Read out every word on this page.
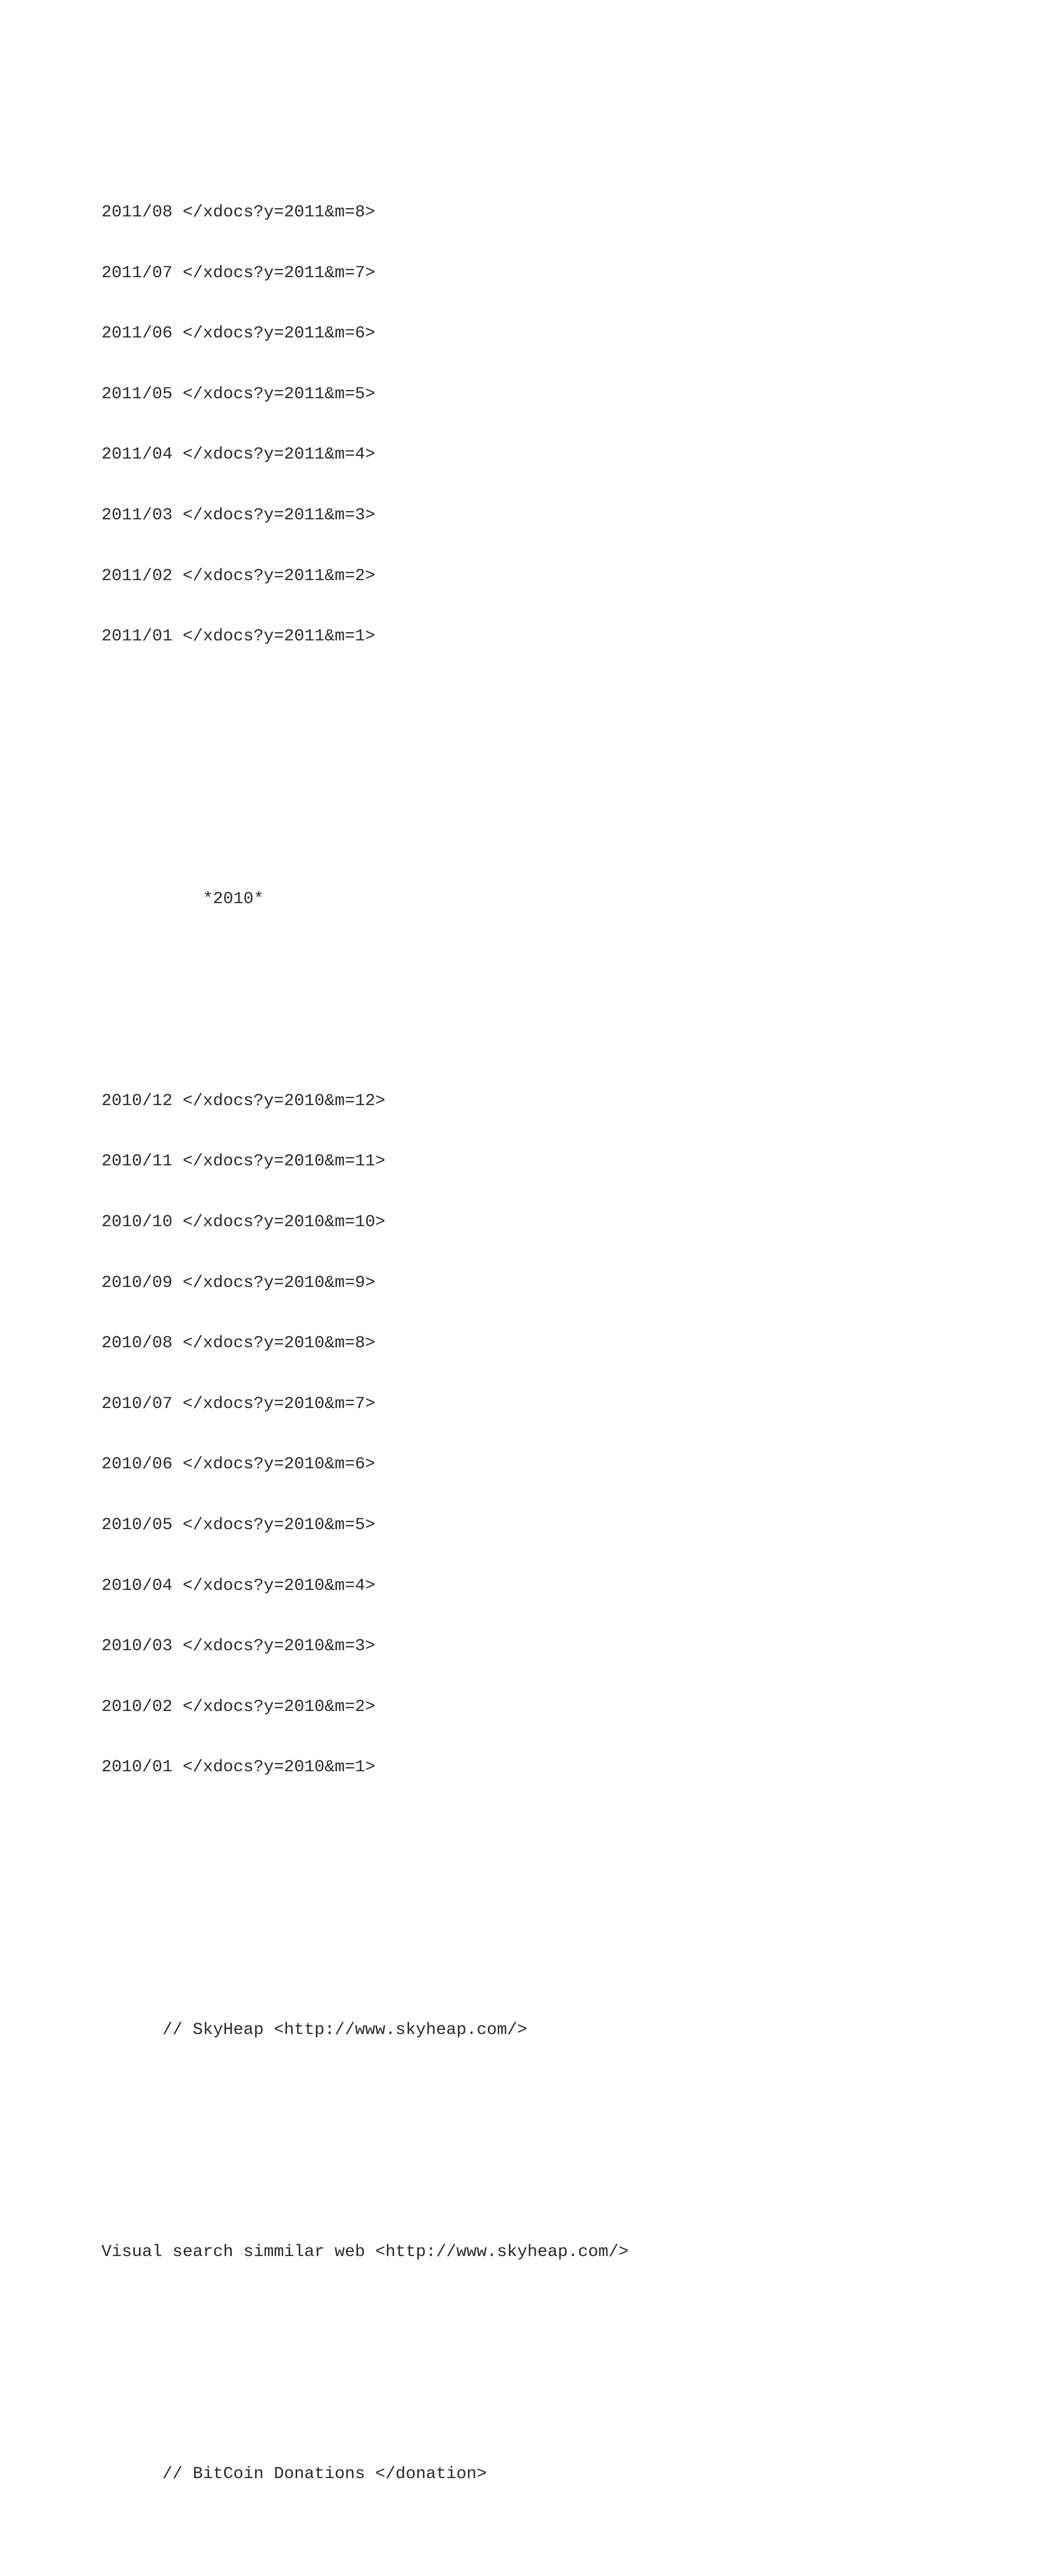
2011/08 </xdocs?y=2011&m=8>

2011/07 </xdocs?y=2011&m=7>

2011/06 </xdocs?y=2011&m=6>

2011/05 </xdocs?y=2011&m=5>

2011/04 </xdocs?y=2011&m=4>

2011/03 </xdocs?y=2011&m=3>

2011/02 </xdocs?y=2011&m=2>

2011/01 </xdocs?y=2011&m=1>

*2010*

2010/12 </xdocs?y=2010&m=12>

2010/11 </xdocs?y=2010&m=11>

2010/10 </xdocs?y=2010&m=10>

2010/09 </xdocs?y=2010&m=9>

2010/08 </xdocs?y=2010&m=8>

2010/07 </xdocs?y=2010&m=7>

2010/06 </xdocs?y=2010&m=6>

2010/05 </xdocs?y=2010&m=5>

2010/04 </xdocs?y=2010&m=4>

2010/03 </xdocs?y=2010&m=3>

2010/02 </xdocs?y=2010&m=2>

2010/01 </xdocs?y=2010&m=1>

// SkyHeap <http://www.skyheap.com/>

Visual search simmilar web <http://www.skyheap.com/>

// BitCoin Donations </donation>
